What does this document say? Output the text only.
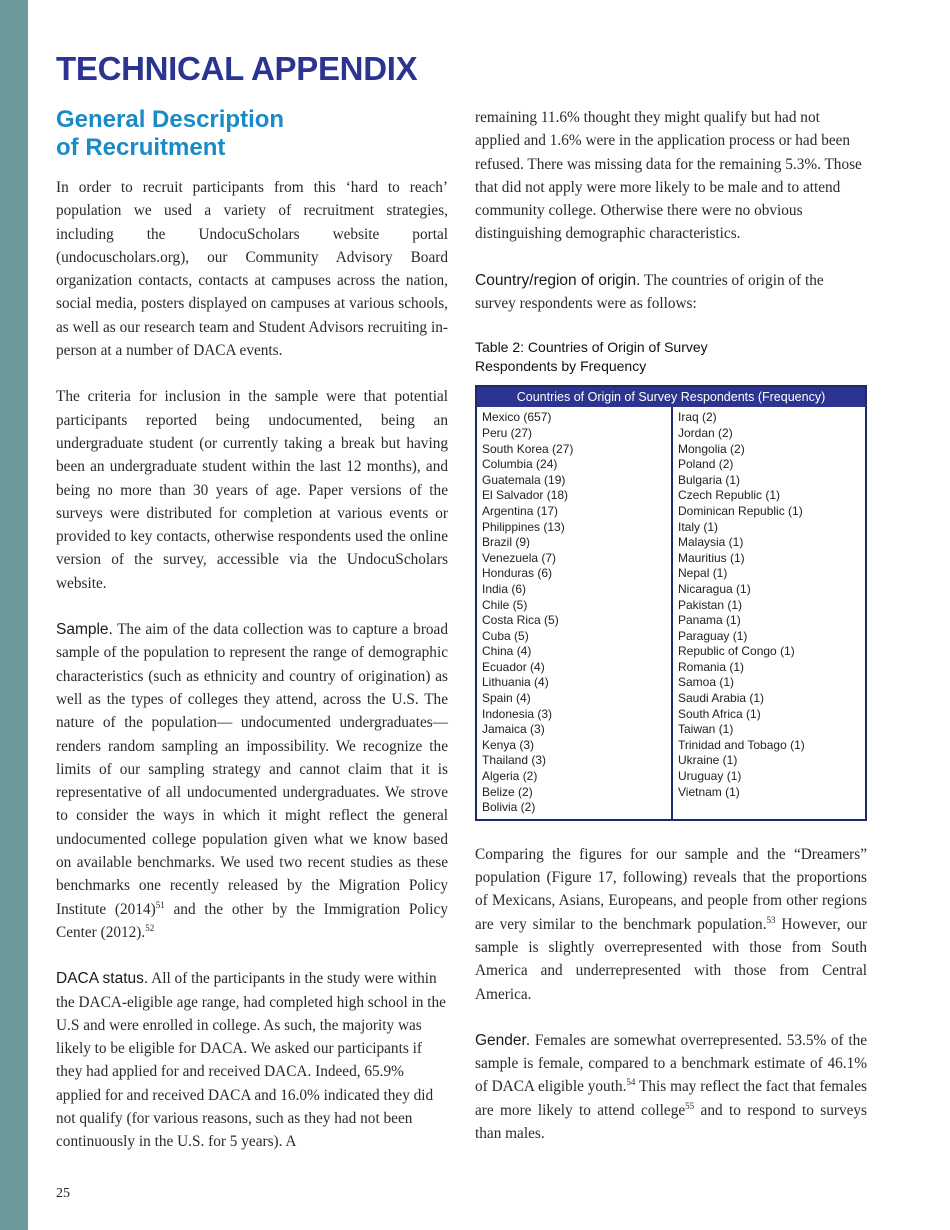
TECHNICAL APPENDIX
General Description
of Recruitment

In order to recruit participants from this ‘hard to reach’ population we used a variety of recruitment strategies, including the UndocuScholars website portal (undocuscholars.org), our Community Advisory Board organization contacts, contacts at campuses across the nation, social media, posters displayed on campuses at various schools, as well as our research team and Student Advisors recruiting in-person at a number of DACA events.

The criteria for inclusion in the sample were that potential participants reported being undocumented, being an undergraduate student (or currently taking a break but having been an undergraduate student within the last 12 months), and being no more than 30 years of age. Paper versions of the surveys were distributed for completion at various events or provided to key contacts, otherwise respondents used the online version of the survey, accessible via the UndocuScholars website.

Sample. The aim of the data collection was to capture a broad sample of the population to represent the range of demographic characteristics (such as ethnicity and country of origination) as well as the types of colleges they attend, across the U.S. The nature of the population— undocumented undergraduates—renders random sampling an impossibility. We recognize the limits of our sampling strategy and cannot claim that it is representative of all undocumented undergraduates. We strove to consider the ways in which it might reflect the general undocumented college population given what we know based on available benchmarks. We used two recent studies as these benchmarks one recently released by the Migration Policy Institute $(2014)^{51}$ and the other by the Immigration Policy Center (2012).$^{52}$

DACA status. All of the participants in the study were within the DACA-eligible age range, had completed high school in the U.S and were enrolled in college. As such, the majority was likely to be eligible for DACA. We asked our participants if they had applied for and received DACA. Indeed, 65.9% applied for and received DACA and 16.0% indicated they did not qualify (for various reasons, such as they had not been continuously in the U.S. for 5 years). A

remaining 11.6% thought they might qualify but had not applied and 1.6% were in the application process or had been refused. There was missing data for the remaining 5.3%. Those that did not apply were more likely to be male and to attend community college. Otherwise there were no obvious distinguishing demographic characteristics.

Country/region of origin. The countries of origin of the survey respondents were as follows:

Table 2: Countries of Origin of Survey
Respondents by Frequency
Countries of Origin of Survey Respondents (Frequency)
Mexico (657)
Peru (27)
South Korea (27)
Columbia (24)
Guatemala (19)
El Salvador (18)
Argentina (17)
Philippines (13)
Brazil (9)
Venezuela (7)
Honduras (6)
India (6)
Chile (5)
Costa Rica (5)
Cuba (5)
China (4)
Ecuador (4)
Lithuania (4)
Spain (4)
Indonesia (3)
Jamaica (3)
Kenya (3)
Thailand (3)
Algeria (2)
Belize (2)
Bolivia (2)
Iraq (2)
Jordan (2)
Mongolia (2)
Poland (2)
Bulgaria (1)
Czech Republic (1)
Dominican Republic (1)
Italy (1)
Malaysia (1)
Mauritius (1)
Nepal (1)
Nicaragua (1)
Pakistan (1)
Panama (1)
Paraguay (1)
Republic of Congo (1)
Romania (1)
Samoa (1)
Saudi Arabia (1)
South Africa (1)
Taiwan (1)
Trinidad and Tobago (1)
Ukraine (1)
Uruguay (1)
Vietnam (1)

Comparing the figures for our sample and the “Dreamers” population (Figure 17, following) reveals that the proportions of Mexicans, Asians, Europeans, and people from other regions are very similar to the benchmark population.$^{53}$ However, our sample is slightly overrepresented with those from South America and underrepresented with those from Central America.

Gender. Females are somewhat overrepresented. 53.5% of the sample is female, compared to a benchmark estimate of 46.1% of DACA eligible youth.$^{54}$ This may reflect the fact that females are more likely to attend college$^{55}$ and to respond to surveys than males.

25
